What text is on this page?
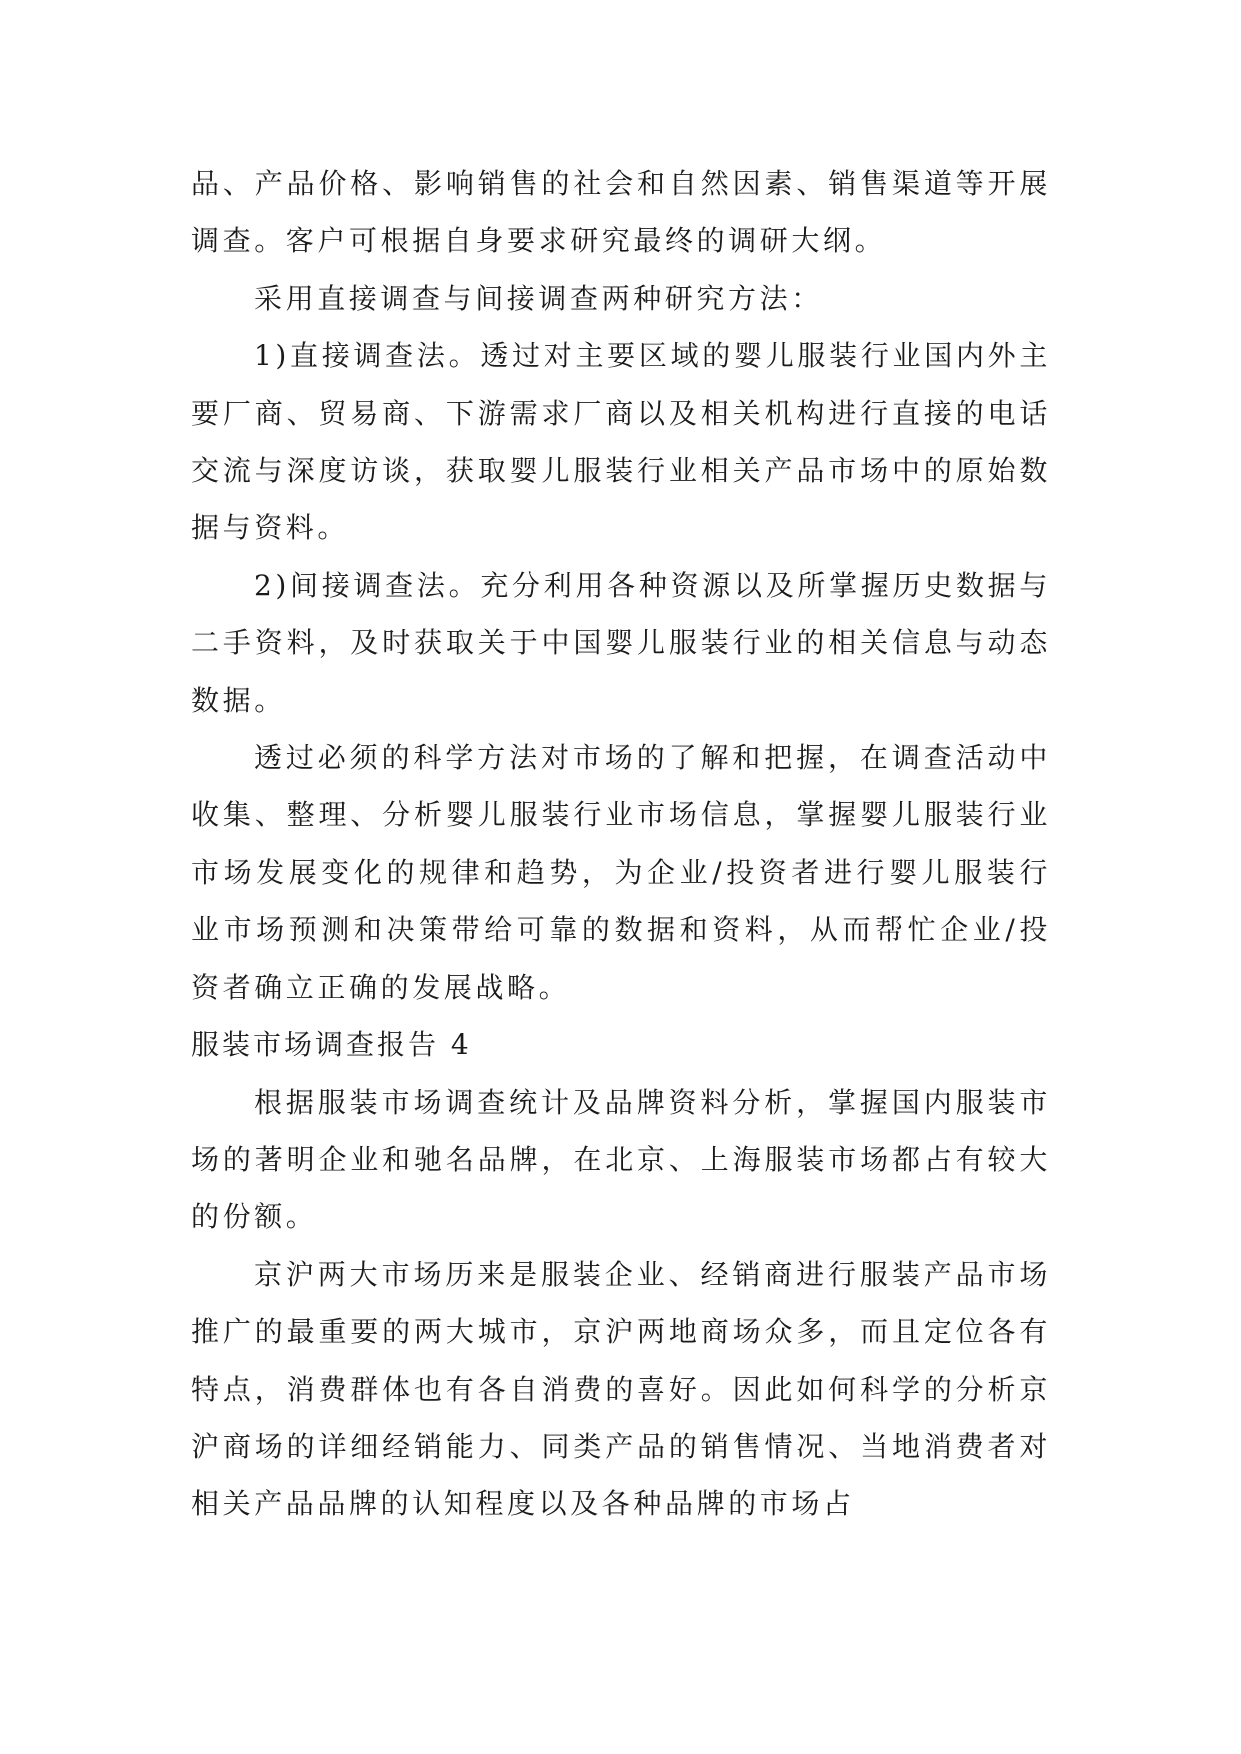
品、产品价格、影响销售的社会和自然因素、销售渠道等开展调查。客户可根据自身要求研究最终的调研大纲。

采用直接调查与间接调查两种研究方法：

1)直接调查法。透过对主要区域的婴儿服装行业国内外主要厂商、贸易商、下游需求厂商以及相关机构进行直接的电话交流与深度访谈，获取婴儿服装行业相关产品市场中的原始数据与资料。

2)间接调查法。充分利用各种资源以及所掌握历史数据与二手资料，及时获取关于中国婴儿服装行业的相关信息与动态数据。

透过必须的科学方法对市场的了解和把握，在调查活动中收集、整理、分析婴儿服装行业市场信息，掌握婴儿服装行业市场发展变化的规律和趋势，为企业/投资者进行婴儿服装行业市场预测和决策带给可靠的数据和资料，从而帮忙企业/投资者确立正确的发展战略。

服装市场调查报告 4

根据服装市场调查统计及品牌资料分析，掌握国内服装市场的著明企业和驰名品牌，在北京、上海服装市场都占有较大的份额。

京沪两大市场历来是服装企业、经销商进行服装产品市场推广的最重要的两大城市，京沪两地商场众多，而且定位各有特点，消费群体也有各自消费的喜好。因此如何科学的分析京沪商场的详细经销能力、同类产品的销售情况、当地消费者对相关产品品牌的认知程度以及各种品牌的市场占
